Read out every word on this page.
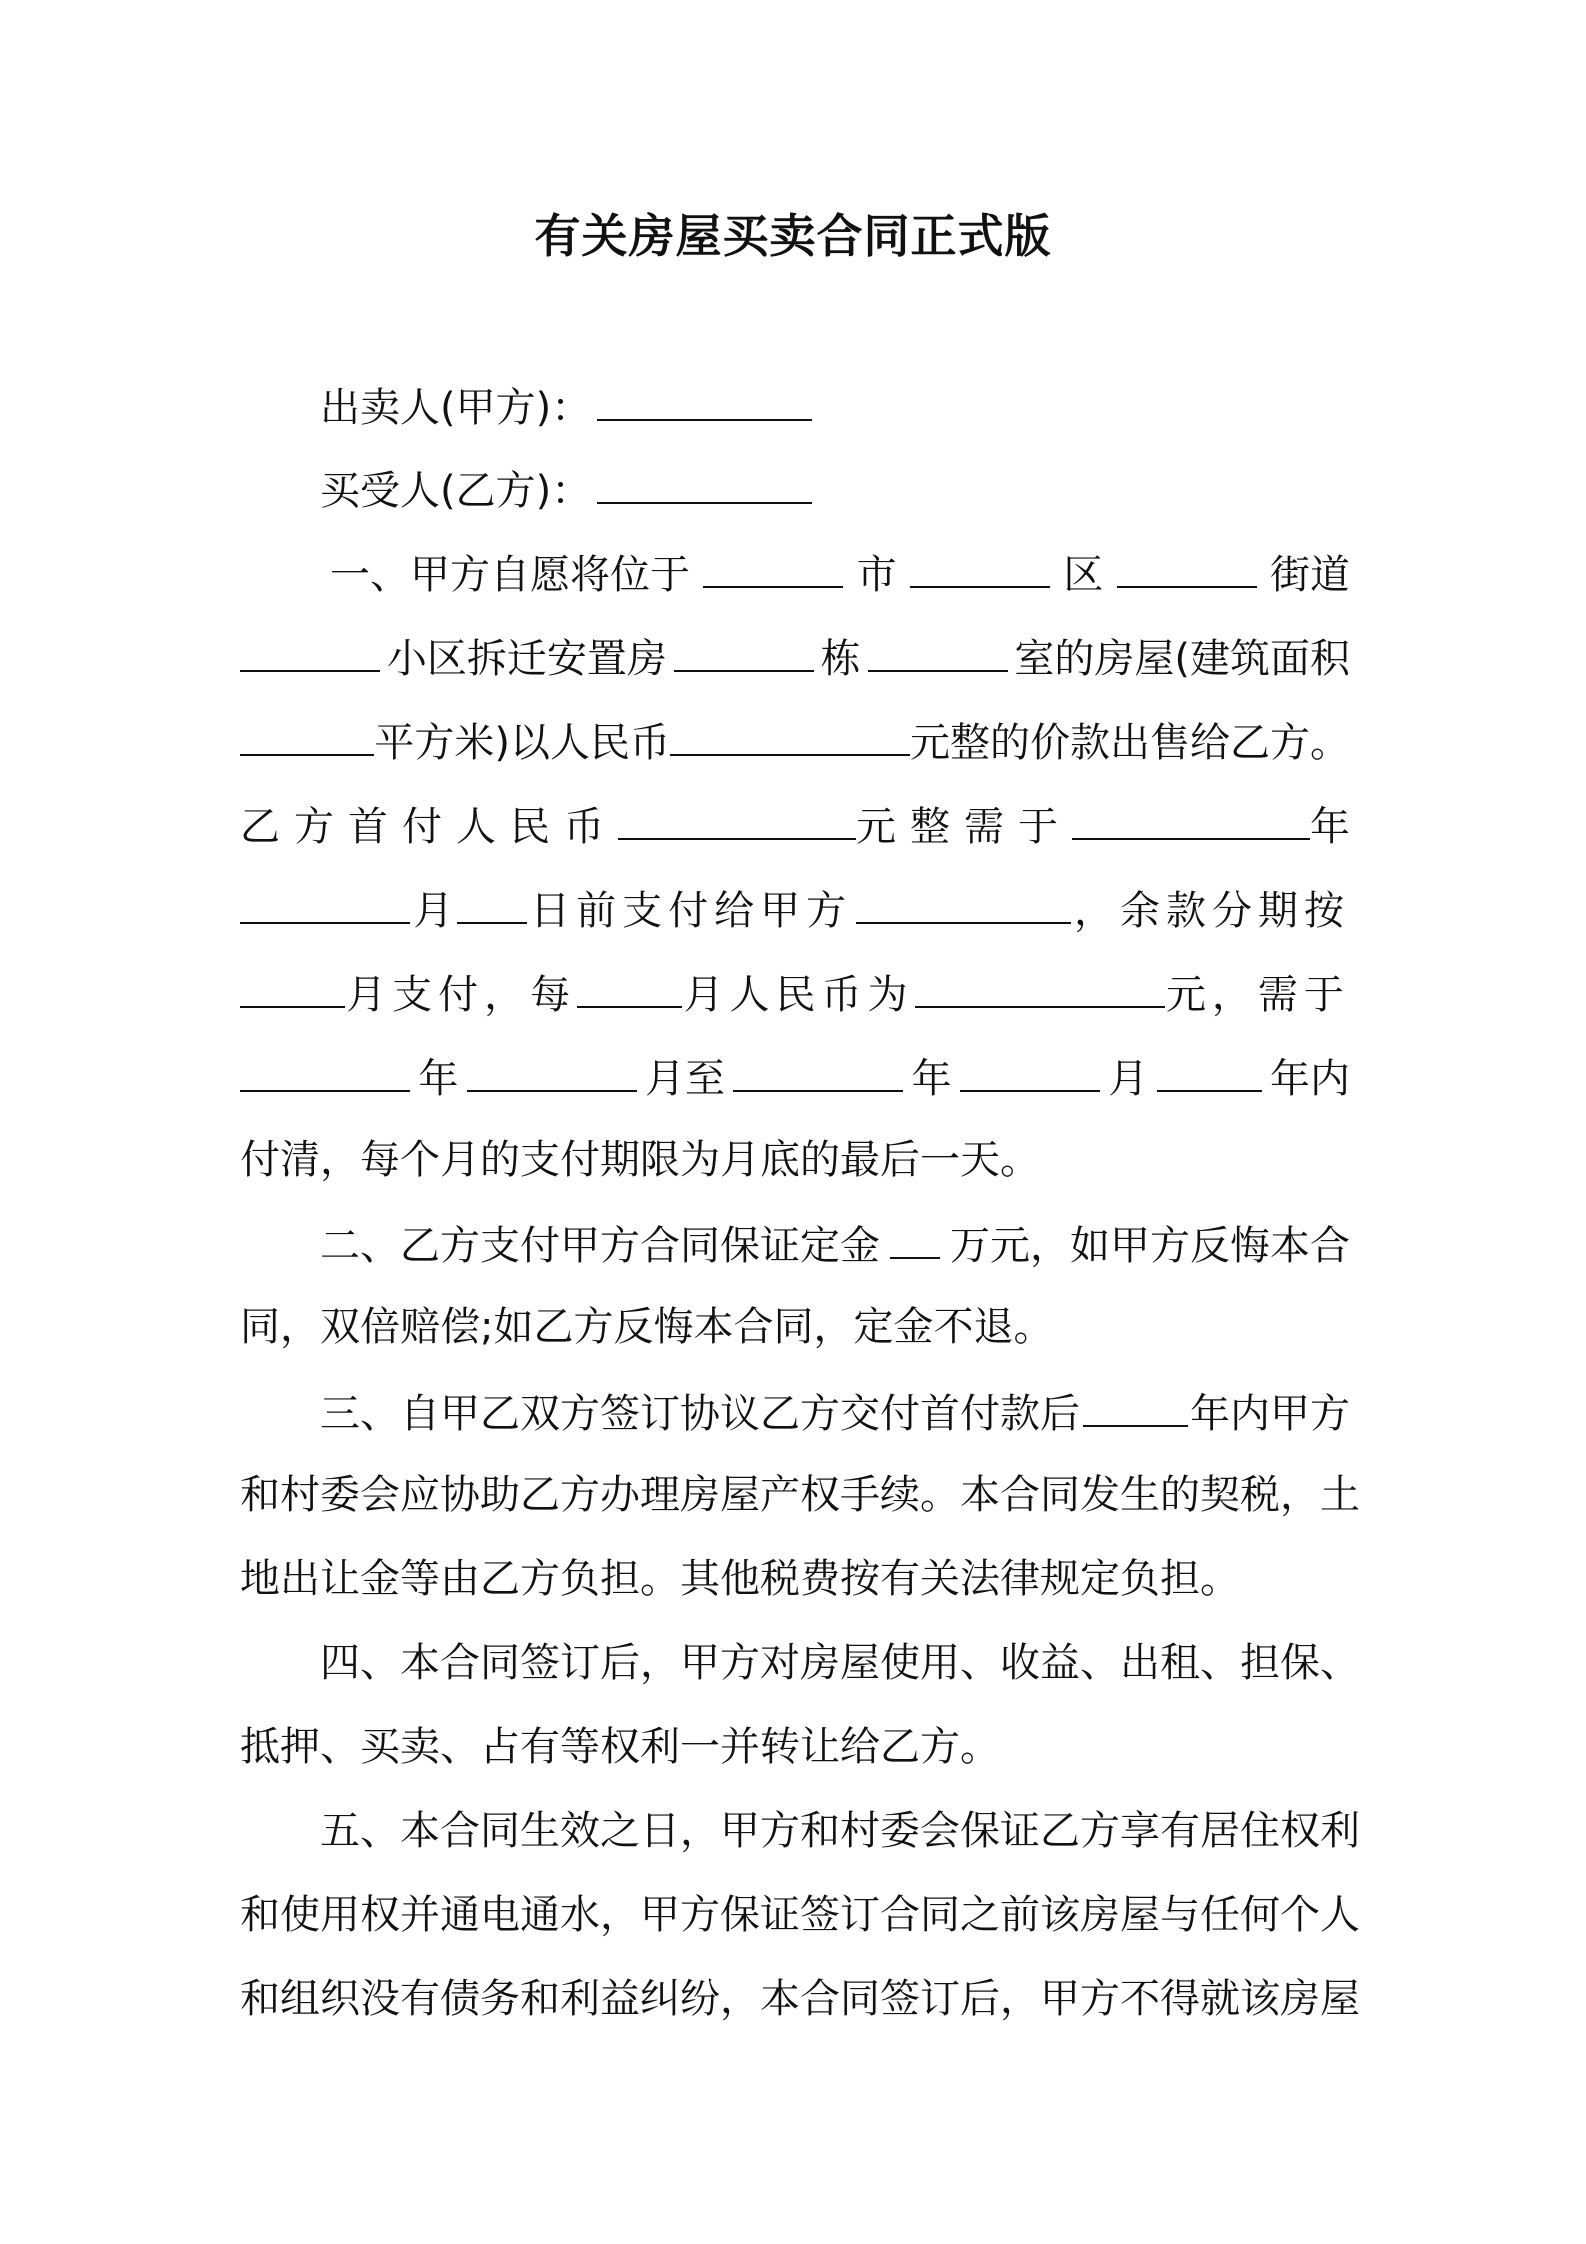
有关房屋买卖合同正式版
出卖人(甲方)：
买受人(乙方)：
一、甲方自愿将位于	市	区	街道
小区拆迁安置房	栋	室的房屋(建筑面积
平方米)以人民币	元整的价款出售给乙方。
乙方首付人民币	元整需于	年
月 日前支付给甲方	，余款分期按
月支付，每	月人民币为	元，需于
年	月至	年	月	年内
付清，每个月的支付期限为月底的最后一天。
二、乙方支付甲方合同保证定金 万元，如甲方反悔本合
同，双倍赔偿;如乙方反悔本合同，定金不退。
三、自甲乙双方签订协议乙方交付首付款后	年内甲方
和村委会应协助乙方办理房屋产权手续。本合同发生的契税，土
地出让金等由乙方负担。其他税费按有关法律规定负担。
四、本合同签订后，甲方对房屋使用、收益、出租、担保、
抵押、买卖、占有等权利一并转让给乙方。
五、本合同生效之日，甲方和村委会保证乙方享有居住权利
和使用权并通电通水，甲方保证签订合同之前该房屋与任何个人
和组织没有债务和利益纠纷，本合同签订后，甲方不得就该房屋
